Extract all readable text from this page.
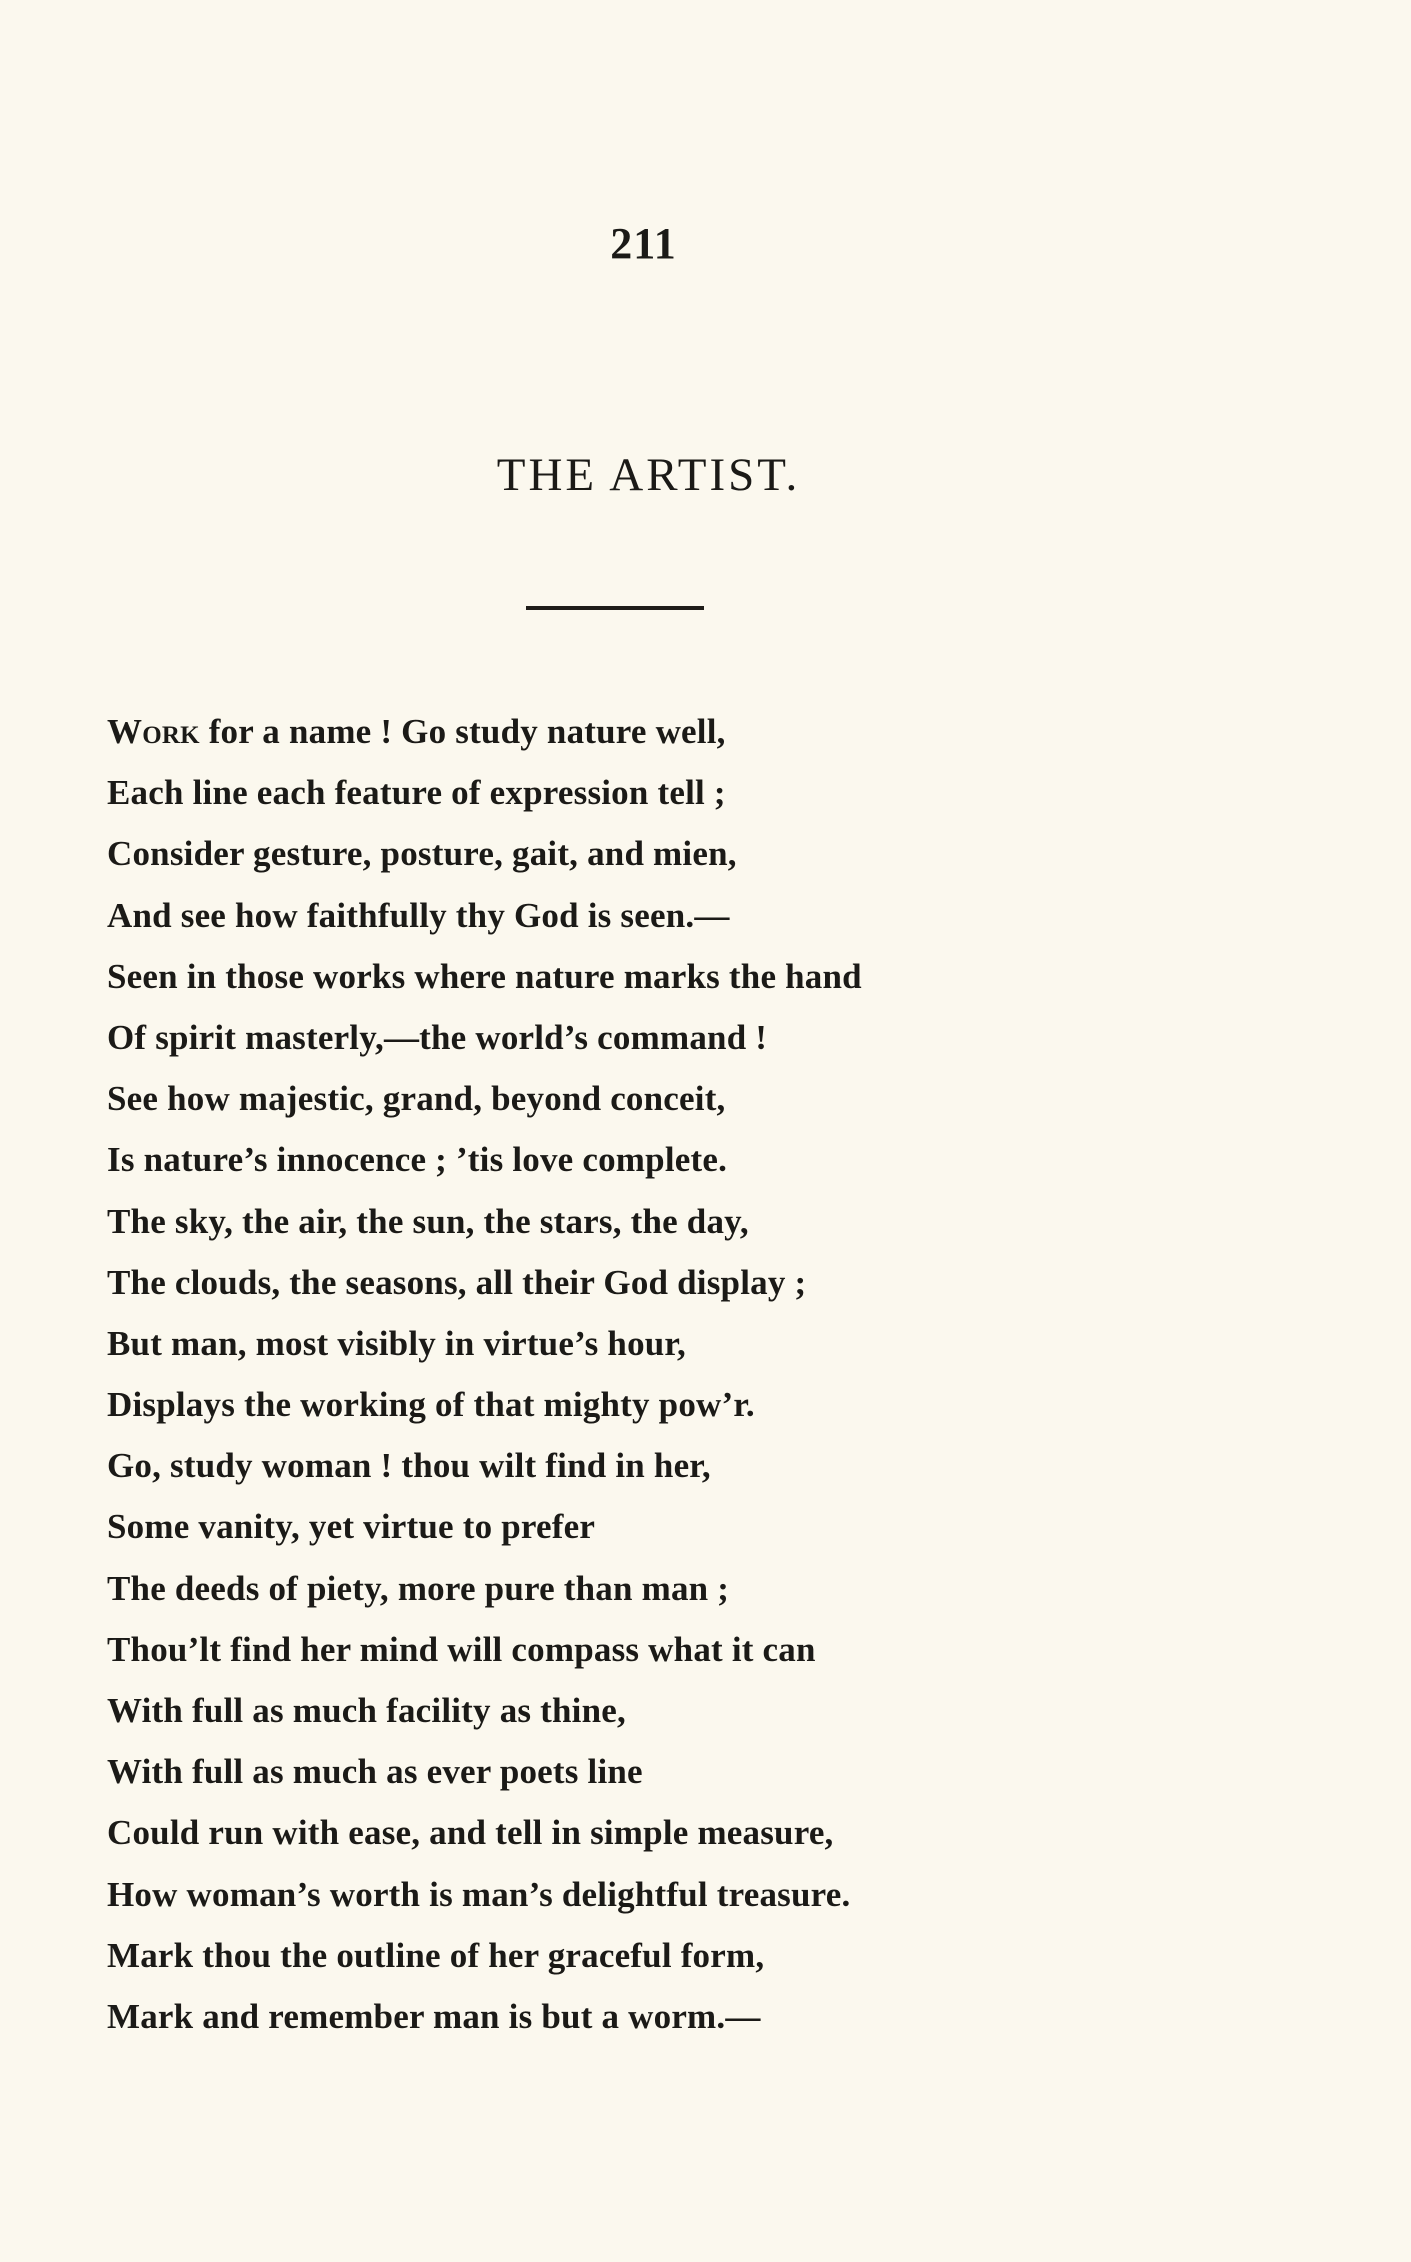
211
THE ARTIST.
Work for a name ! Go study nature well,
Each line each feature of expression tell ;
Consider gesture, posture, gait, and mien,
And see how faithfully thy God is seen.—
Seen in those works where nature marks the hand
Of spirit masterly,—the world’s command !
See how majestic, grand, beyond conceit,
Is nature’s innocence ; ’tis love complete.
The sky, the air, the sun, the stars, the day,
The clouds, the seasons, all their God display ;
But man, most visibly in virtue’s hour,
Displays the working of that mighty pow’r.
Go, study woman ! thou wilt find in her,
Some vanity, yet virtue to prefer
The deeds of piety, more pure than man ;
Thou’lt find her mind will compass what it can
With full as much facility as thine,
With full as much as ever poets line
Could run with ease, and tell in simple measure,
How woman’s worth is man’s delightful treasure.
Mark thou the outline of her graceful form,
Mark and remember man is but a worm.—
